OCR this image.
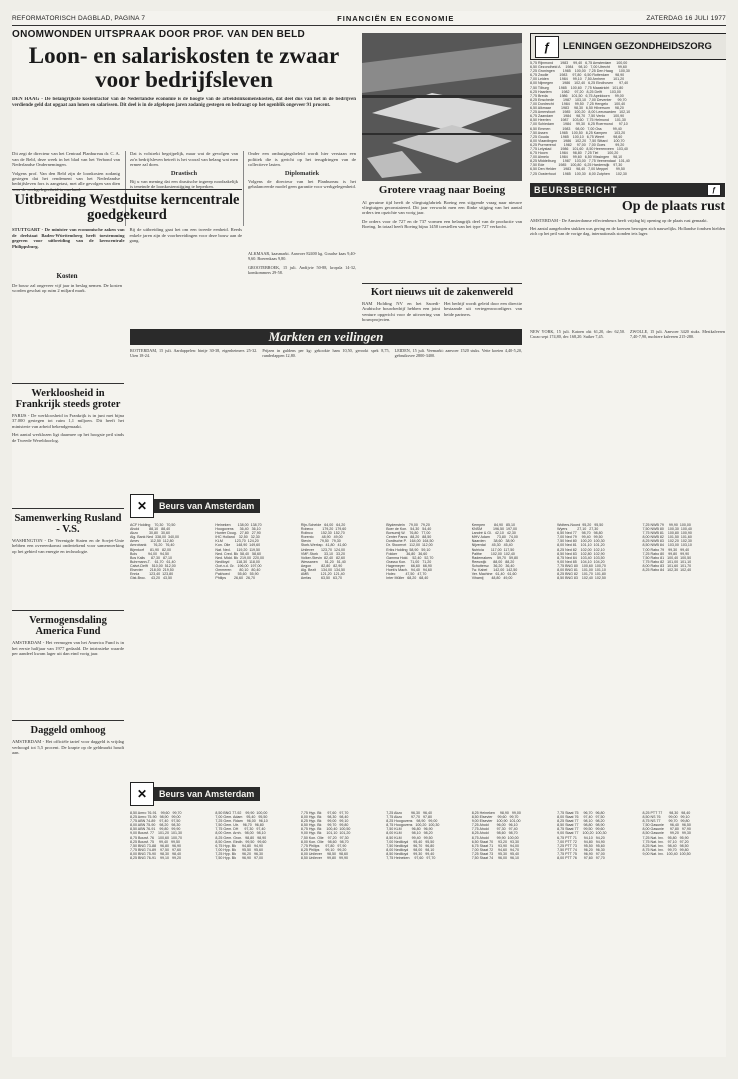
REFORMATORISCH DAGBLAD, PAGINA 7	FINANCIËN EN ECONOMIE	ZATERDAG 16 JULI 1977
ONOMWONDEN UITSPRAAK DOOR PROF. VAN DEN BELD
Loon- en salariskosten te zwaar voor bedrijfsleven
DEN HAAG - De belangrijkste kostenfactor van de Nederlandse economie is de hoogte van de arbeidsinkomenskosten, dat deel dus van het in de bedrijven verdiende geld dat opgaat aan lonen en salarissen. Dit deel is in de afgelopen jaren zodanig gestegen en bedraagt op het ogenblik ongeveer 91 procent.

Dit zegt de directeur van het Centraal Planbureau dr. C. A. van de Beld, deze week in het blad van het Verbond van Nederlandse Ondernemingen.

Volgens prof. Van den Beld zijn de loonkosten zodanig gestegen dat het rendement van het Nederlandse bedrijfsleven fors is aangetast, met alle gevolgen van dien

Dat is volstrekt begrijpelijk, maar wat de gevolgen van zo'n bedrijfsleven betreft is het vooral van belang wat men ermee zal doen.

Drastisch

Bij u van mening dat een drastische ingreep noodzakelijk is teneinde de loonkostenstijging te beperken.

Onder een ombuigingsbeleid wordt hier verstaan een politiek die is gericht op het terugdringen van de collectieve lasten.

Diplomatiek

Volgens de directeur van het Planbureau is het gebalanceerde model geen garantie voor werkgelegenheid.	Grotere vraag naar Boeing

Al geruime tijd heeft de vliegtuigfabriek Boeing een stijgende vraag naar nieuwe vliegtuigen geconstateerd. Dit jaar verwacht men een flinke stijging van het aantal orders ten opzichte van vorig jaar.

De orders voor de 727 en de 737 vormen een belangrijk deel van de productie van Boeing. In totaal heeft Boeing bijna 1450 toestellen van het type 727 verkocht.

ƒ	LENINGEN GEZONDHEIDSZORG
5,75 Rijnmond       1983     99,40   6,75 Amsterdam     100,00
6,50 Gezondheid A     1984     98,10   7,00 Utrecht        99,60
7,25 Groningen        1985    100,00   7,25 Den Haag      100,30
6,75 Zwolle           1983     97,80   6,50 Rotterdam      98,90
7,00 Leiden           1984     99,10   7,50 Arnhem        101,20
8,00 Nijmegen         1986    102,40   6,25 Eindhoven      97,40
7,50 Tilburg          1985    100,60   7,75 Maastricht   101,80
6,25 Haarlem          1982     97,20   8,25 Delft        103,00
7,75 Breda            1986    101,50   6,75 Apeldoorn     99,00
8,25 Enschede         1987    103,10   7,00 Deventer      99,70
7,00 Dordrecht        1984     99,50   7,25 Hengelo      100,40
6,50 Alkmaar          1983     98,30   6,50 Hilversum     98,20
7,25 Amersfoort       1985    100,20   8,00 Leeuwarden   102,10
6,75 Zaandam          1984     98,70   7,50 Venlo        100,90
8,50 Heerlen          1987    103,60   7,75 Helmond      101,30
7,00 Schiedam         1984     99,30   6,25 Roermond      97,10
6,50 Emmen            1983     98,00   7,00 Oss           99,40
7,50 Assen            1985    100,50   8,25 Kampen       103,20
7,25 Gouda            1985    100,10   6,75 Weert         98,60
8,00 Vlaardingen      1986    102,20   7,50 Sittard      100,70
6,25 Purmerend        1982     97,00   7,00 Goes          99,20
7,75 Lelystad         1986    101,60   8,50 Heerenveen   103,40
6,75 Hoorn            1984     98,80   7,25 Tiel         100,20
7,00 Almelo           1984     99,60   6,50 Vlissingen    98,10
8,25 Middelburg       1987    103,00   7,75 Veenendaal   101,40
7,50 Ede              1985    100,80   6,25 Harderwijk    97,30
6,50 Den Helder       1983     98,40   7,00 Meppel        99,50
7,25 Oosterhout       1985    100,30   8,00 Zutphen      102,30
BEURSBERICHT	ƒ
Op de plaats rust

AMSTERDAM - De Amsterdamse effectenbeurs heeft vrijdag bij opening op de plaats rust gemaakt.

Het aantal aangeboden stukken was gering en de koersen bewogen zich nauwelijks. Hollandse fondsen hielden zich op het peil van de vorige dag, internationals stonden iets lager.

Uitbreiding Westduitse kerncentrale goedgekeurd

STUTTGART - De minister van economische zaken van de deelstaat Baden-Württemberg heeft toestemming gegeven voor uitbreiding van de kerncentrale Philippsburg.

Bij de uitbreiding gaat het om een tweede eenheid. Reeds enkele jaren zijn de voorbereidingen voor deze bouw aan de gang.

ALKMAAR, kaasmarkt. Aanvoer 82400 kg. Goudse kaas 9,40-9,60. Boerenkaas 9,80.

GROOTEBROEK, 15 juli. Andijvie 50-88, kropsla 14-32, komkommers 29-58.

Kort nieuws uit de zakenwereld

BAM Holding NV en het Saoedi-Arabische bouwbedrijf hebben een joint venture opgericht voor de uitvoering van bouwprojecten.

Het bedrijf wordt geleid door een directie bestaande uit vertegenwoordigers van beide partners.

Kosten

De bouw zal ongeveer vijf jaar in beslag nemen. De kosten worden geschat op ruim 2 miljard mark.

Markten en veilingen

ROTTERDAM, 15 juli. Aardappelen: bintje 30-38, eigenheimers 25-32. Uien 18-24.

Prijzen in guldens per kg: gekookte ham 10,50, gerookt spek 8,75, runderlappen 12,80.

LEIDEN, 15 juli. Veemarkt: aanvoer 1520 stuks. Vette koeien 4,40-5,20, gebruiksvee 2800-3400.

NEW YORK, 15 juli. Katoen okt 61,20, dec 62,50. Cacao sept 174,80, dec 168,20. Suiker 7,45.

ZWOLLE, 15 juli. Aanvoer 3420 stuks. Mestkalveren 7,40-7,90, nuchtere kalveren 215-280.

Werkloosheid in Frankrijk steeds groter

PARIJS - De werkloosheid in Frankrijk is in juni met bijna 37.000 gestegen tot ruim 1,1 miljoen. Dit heeft het ministerie van arbeid bekendgemaakt.

Het aantal werklozen ligt daarmee op het hoogste peil sinds de Tweede Wereldoorlog.

Samenwerking Rusland - V.S.

WASHINGTON - De Verenigde Staten en de Sovjet-Unie hebben een overeenkomst ondertekend voor samenwerking op het gebied van energie en technologie.

Vermogensdaling America Fund

AMSTERDAM - Het vermogen van het America Fund is in het eerste halfjaar van 1977 gedaald. De intrinsieke waarde per aandeel kwam lager uit dan eind vorig jaar.

Daggeld omhoog

AMSTERDAM - Het officiële tarief voor daggeld is vrijdag verhoogd tot 5,5 procent. De krapte op de geldmarkt houdt aan.

✕	Beurs van Amsterdam
ACF Holding    70,30   70,50
Ahold          88,10   88,40
Akzo           30,80   30,60
Alg. Bank Ned  338,00  340,00
Amev           112,50  112,80
Amrobank       76,20   76,40
Bijenkorf      81,90   82,00
Bols           94,00   94,50
Bos Kalis      87,30   87,10
Buhrmann-T.    61,70   61,40
Calvé-Delft    510,00  512,00
Elsevier       218,00  219,50
Ennia          123,40  123,80
Gist-Broc.     43,20   43,50
Heineken       138,00  138,70
Hoogovens      36,40   36,10
Hunter Doug.   27,80   27,90
IHC Holland    32,50   32,30
KLM            123,70  124,20
Kon. Olie      148,90  149,60
Nat. Ned.      119,20  119,50
Ned. Cred. Bk  58,40   58,60
Ned. Midd. Bk  219,00  220,00
Nedlloyd       118,30  118,00
Océ-v.d. Gr.   196,00  197,00
Ommeren        80,10   80,40
Pakhoed        55,60   55,90
Philips        26,60   26,70
Rijn-Schelde   64,00   64,20
Robeco         179,20  179,60
Rolinco        152,30  152,70
Rorento        48,90   49,00
Stevin         79,50   79,30
Stork-Werksp.  41,80   41,60
Unilever       123,70  124,00
VMF-Stork      33,10   33,20
Volker-Stevin  82,40   82,60
Wessanen       51,20   51,40
Aegon          82,80   82,90
Alg. Bezit     134,00  134,50
AMB            121,20  121,40
Amfas          63,50   63,70
Blydenstein    79,00   79,20
Boer de Kon.   54,30   54,40
Borsumij W.    76,80   77,00
Center Parcs   88,20   88,50
Dordtsche P.   164,00  164,50
Dr. Stoomvrt   112,00  112,00
Eriks Holding  58,90   59,10
Fokker         36,80   36,60
Gamma Hold.    52,40   52,70
Grasso Kon.    71,00   71,20
Hagemeyer      66,60   66,90
Hoek's Mach.   94,40   94,60
Holec          47,50   47,70
Inter Müller   68,20   68,40
Kempen         84,90   85,10
KNSM           196,50  197,00
Landré & Gl.   42,10   42,30
MHV Adam       73,80   74,00
Naarden        38,60   38,90
Nijverdal      45,30   45,40
Nutricia       117,00  117,50
Palthe         102,00  102,40
Rademakers     59,70   59,80
Reeuwijk       88,00   88,20
Schuttersv.    36,20   36,40
Tw. Kabel      142,00  142,50
Ver. Machine   61,40   61,60
Vihamij        48,80   49,00
Wolters-Noord  95,20   95,50
Wyers          27,10   27,30
6,50 Ned 77     98,70   98,80
7,00 Ned 79     99,40   99,50
7,50 Ned 80    100,20  100,30
8,00 Ned 81    101,10  101,20
8,25 Ned 82    102,00  102,10
8,50 Ned 83    102,80  102,90
8,75 Ned 84    103,40  103,50
9,00 Ned 85    104,10  104,20
7,75 BNG 80    100,60  100,70
8,00 BNG 81    101,00  101,10
8,25 BNG 82    101,70  101,80
8,50 BNG 83    102,40  102,50
7,25 NWB 79     99,90  100,00
7,50 NWB 80    100,30  100,40
7,75 NWB 81    100,80  100,90
8,00 NWB 82    101,50  101,60
8,25 NWB 83    102,20  102,30
8,50 NWB 84    103,00  103,10
7,00 Rabo 79    99,30   99,40
7,25 Rabo 80    99,80   99,90
7,50 Rabo 81   100,40  100,50
7,75 Rabo 82   101,00  101,10
8,00 Rabo 83   101,60  101,70
8,25 Rabo 84   102,30  102,40
✕	Beurs van Amsterdam
8,50 Amro 76-91    99,60   99,70
8,25 Amro 75-90   98,90   99,00
7,75 ABN 74-89    97,40   97,50
8,00 ABN 75-90    98,20   98,30
8,50 ABN 76-91    99,80   99,90
9,00 Bouwf. 77    101,20  101,30
8,75 Bouwf. 76    100,60  100,70
8,25 Bouwf. 75     99,40   99,50
7,50 BNG 73-88    96,80   96,90
7,75 BNG 74-89    97,50   97,60
8,00 BNG 75-90    98,30   98,40
8,25 BNG 76-91    99,10   99,20
8,50 BNG 77-92    99,90  100,00
7,00 Gem. Adam    95,40   95,50
7,25 Gem. Rdam    96,00   96,10
7,50 Gem. Utr.    96,70   96,80
7,75 Gem. DH      97,30   97,40
8,00 Gem. Arnh.   98,00   98,10
8,25 Gem. Gron.   98,80   98,90
8,50 Gem. Eindh.  99,50   99,60
6,75 Hyp. Bk      94,80   94,90
7,00 Hyp. Bk      95,50   95,60
7,25 Hyp. Bk      96,20   96,30
7,50 Hyp. Bk      96,90   97,00
7,75 Hyp. Bk      97,60   97,70
8,00 Hyp. Bk      98,30   98,40
8,25 Hyp. Bk      99,00   99,10
8,50 Hyp. Bk      99,70   99,80
8,75 Hyp. Bk     100,40  100,50
9,00 Hyp. Bk     101,10  101,20
7,50 Kon. Olie    97,20   97,30
8,00 Kon. Olie    98,60   98,70
7,75 Philips      97,80   97,90
8,25 Philips      99,10   99,20
8,00 Unilever     98,50   98,60
8,50 Unilever     99,80   99,90
7,25 Akzo         96,30   96,40
7,75 Akzo         97,70   97,80
8,25 Hoogovens    98,90   99,00
8,75 Hoogovens   100,20  100,30
7,50 KLM          96,80   96,90
8,00 KLM          98,10   98,20
8,50 KLM          99,40   99,50
7,00 Nedlloyd     95,40   95,50
7,50 Nedlloyd     96,70   96,80
8,00 Nedlloyd     98,00   98,10
8,50 Nedlloyd     99,30   99,40
7,75 Heineken     97,60   97,70
8,25 Heineken     98,90   99,00
8,50 Elsevier     99,60   99,70
9,00 Elsevier    100,90  101,00
7,25 Ahold        96,00   96,10
7,75 Ahold        97,30   97,40
8,25 Ahold        98,60   98,70
8,75 Ahold        99,90  100,00
6,50 Staat 70     93,20   93,30
6,75 Staat 71     93,90   94,00
7,00 Staat 72     94,60   94,70
7,25 Staat 73     95,30   95,40
7,50 Staat 74     96,00   96,10
7,75 Staat 75     96,70   96,80
8,00 Staat 76     97,40   97,50
8,25 Staat 77     98,10   98,20
8,50 Staat 77     98,80   98,90
8,75 Staat 77     99,50   99,60
9,00 Staat 77    100,20  100,30
6,75 PTT 71       94,10   94,20
7,00 PTT 72       94,80   94,90
7,25 PTT 73       95,50   95,60
7,50 PTT 74       96,20   96,30
7,75 PTT 75       96,90   97,00
8,00 PTT 76       97,60   97,70
8,25 PTT 77       98,30   98,40
8,50 NS 76        99,00   99,10
8,75 NS 77        99,70   99,80
7,50 Gasunie      96,40   96,50
8,00 Gasunie      97,80   97,90
8,50 Gasunie      99,20   99,30
7,25 Nat. Inv.    95,80   95,90
7,75 Nat. Inv.    97,10   97,20
8,25 Nat. Inv.    98,40   98,50
8,75 Nat. Inv.    99,70   99,80
9,00 Nat. Inv.   100,40  100,50
